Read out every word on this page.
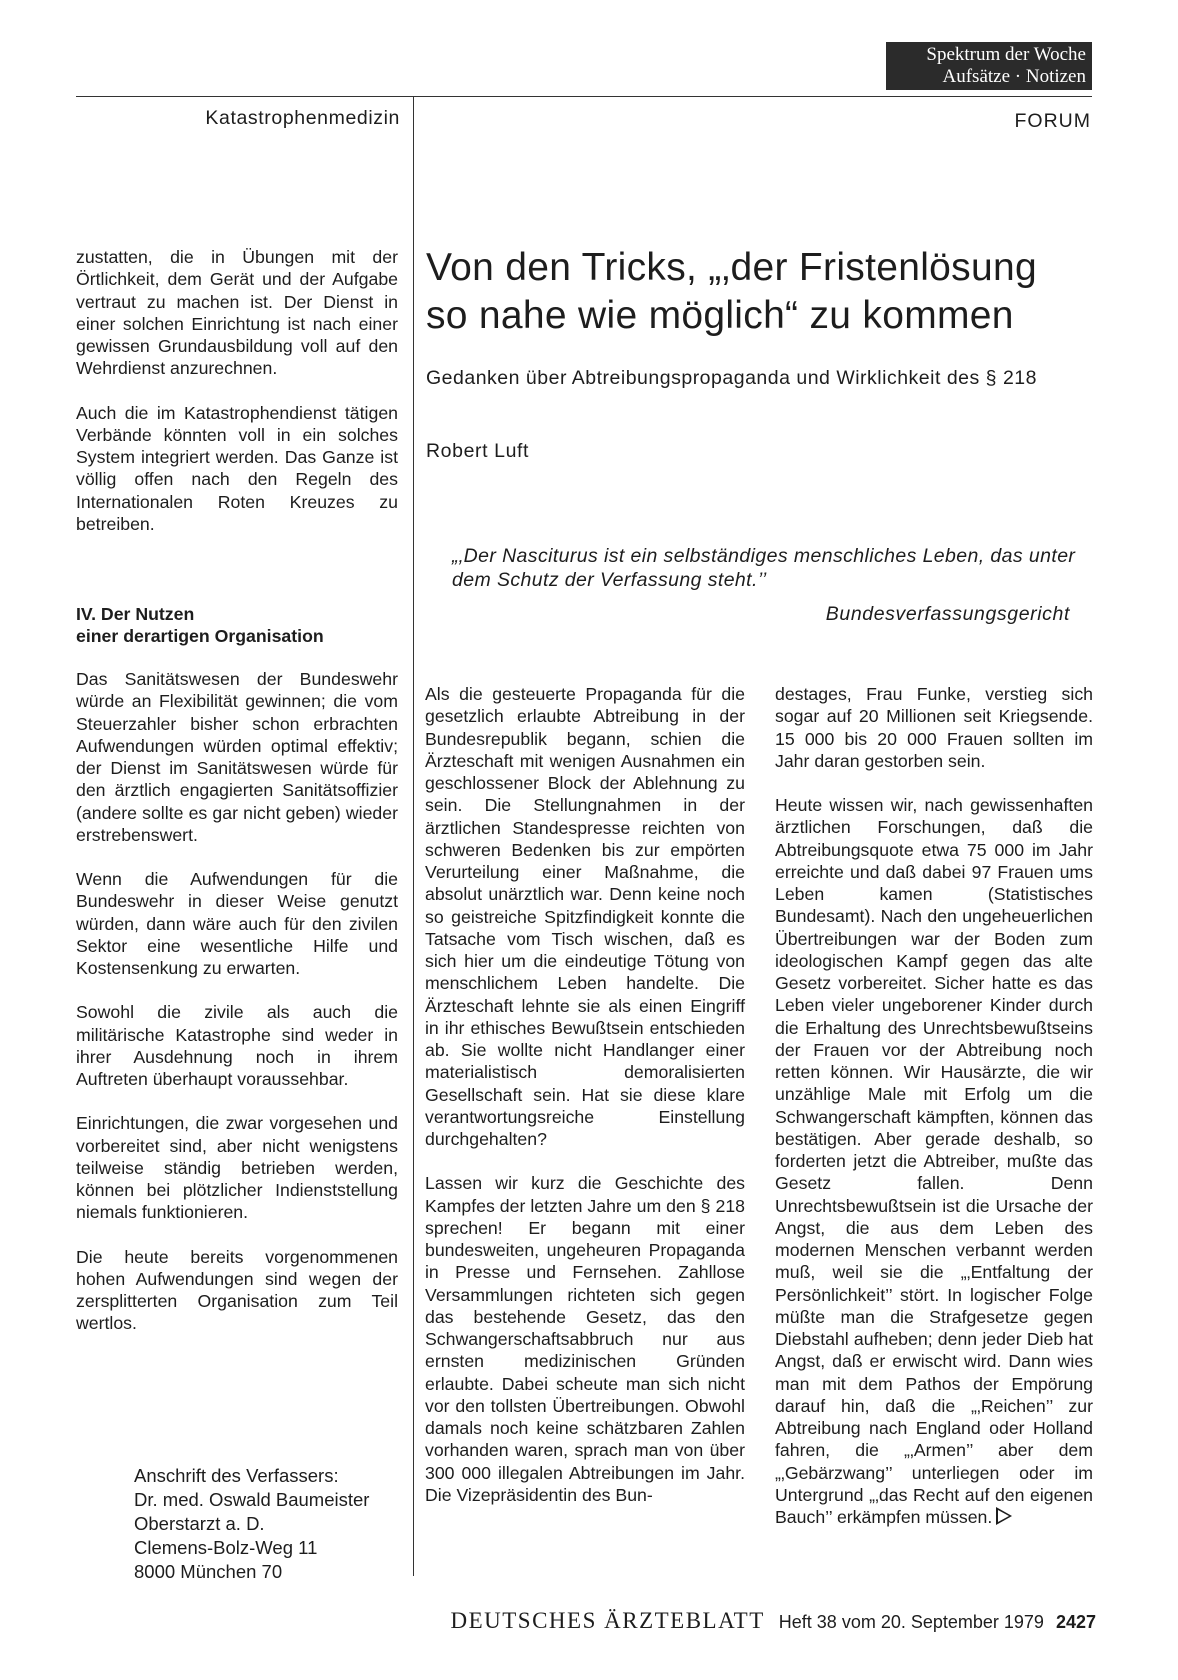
Spektrum der Woche
Aufsätze · Notizen
Katastrophenmedizin	FORUM

zustatten, die in Übungen mit der Örtlichkeit, dem Gerät und der Aufgabe vertraut zu machen ist. Der Dienst in einer solchen Einrichtung ist nach einer gewissen Grundausbildung voll auf den Wehrdienst anzurechnen.

Auch die im Katastrophendienst tätigen Verbände könnten voll in ein solches System integriert werden. Das Ganze ist völlig offen nach den Regeln des Internationalen Roten Kreuzes zu betreiben.

IV. Der Nutzen
einer derartigen Organisation

Das Sanitätswesen der Bundeswehr würde an Flexibilität gewinnen; die vom Steuerzahler bisher schon erbrachten Aufwendungen würden optimal effektiv; der Dienst im Sanitätswesen würde für den ärztlich engagierten Sanitätsoffizier (andere sollte es gar nicht geben) wieder erstrebenswert.

Wenn die Aufwendungen für die Bundeswehr in dieser Weise genutzt würden, dann wäre auch für den zivilen Sektor eine wesentliche Hilfe und Kostensenkung zu erwarten.

Sowohl die zivile als auch die militärische Katastrophe sind weder in ihrer Ausdehnung noch in ihrem Auftreten überhaupt voraussehbar.

Einrichtungen, die zwar vorgesehen und vorbereitet sind, aber nicht wenigstens teilweise ständig betrieben werden, können bei plötzlicher Indienststellung niemals funktionieren.

Die heute bereits vorgenommenen hohen Aufwendungen sind wegen der zersplitterten Organisation zum Teil wertlos.

Anschrift des Verfassers:
Dr. med. Oswald Baumeister
Oberstarzt a. D.
Clemens-Bolz-Weg 11
8000 München 70
Von den Tricks, „‚der Fristenlösung
so nahe wie möglich“ zu kommen
Gedanken über Abtreibungspropaganda und Wirklichkeit des § 218
Robert Luft
„‚Der Nasciturus ist ein selbständiges menschliches Leben, das unter dem Schutz der Verfassung steht.’’
Bundesverfassungsgericht

Als die gesteuerte Propaganda für die gesetzlich erlaubte Abtreibung in der Bundesrepublik begann, schien die Ärzteschaft mit wenigen Ausnahmen ein geschlossener Block der Ablehnung zu sein. Die Stellungnahmen in der ärztlichen Standespresse reichten von schweren Bedenken bis zur empörten Verurteilung einer Maßnahme, die absolut unärztlich war. Denn keine noch so geistreiche Spitzfindigkeit konnte die Tatsache vom Tisch wischen, daß es sich hier um die eindeutige Tötung von menschlichem Leben handelte. Die Ärzteschaft lehnte sie als einen Eingriff in ihr ethisches Bewußtsein entschieden ab. Sie wollte nicht Handlanger einer materialistisch demoralisierten Gesellschaft sein. Hat sie diese klare verantwortungsreiche Einstellung durchgehalten?

Lassen wir kurz die Geschichte des Kampfes der letzten Jahre um den § 218 sprechen! Er begann mit einer bundesweiten, ungeheuren Propaganda in Presse und Fernsehen. Zahllose Versammlungen richteten sich gegen das bestehende Gesetz, das den Schwangerschaftsabbruch nur aus ernsten medizinischen Gründen erlaubte. Dabei scheute man sich nicht vor den tollsten Übertreibungen. Obwohl damals noch keine schätzbaren Zahlen vorhanden waren, sprach man von über 300 000 illegalen Abtreibungen im Jahr. Die Vizepräsidentin des Bun-

destages, Frau Funke, verstieg sich sogar auf 20 Millionen seit Kriegsende. 15 000 bis 20 000 Frauen sollten im Jahr daran gestorben sein.

Heute wissen wir, nach gewissenhaften ärztlichen Forschungen, daß die Abtreibungsquote etwa 75 000 im Jahr erreichte und daß dabei 97 Frauen ums Leben kamen (Statistisches Bundesamt). Nach den ungeheuerlichen Übertreibungen war der Boden zum ideologischen Kampf gegen das alte Gesetz vorbereitet. Sicher hatte es das Leben vieler ungeborener Kinder durch die Erhaltung des Unrechtsbewußtseins der Frauen vor der Abtreibung noch retten können. Wir Hausärzte, die wir unzählige Male mit Erfolg um die Schwangerschaft kämpften, können das bestätigen. Aber gerade deshalb, so forderten jetzt die Abtreiber, mußte das Gesetz fallen. Denn Unrechtsbewußtsein ist die Ursache der Angst, die aus dem Leben des modernen Menschen verbannt werden muß, weil sie die „‚Entfaltung der Persönlichkeit’’ stört. In logischer Folge müßte man die Strafgesetze gegen Diebstahl aufheben; denn jeder Dieb hat Angst, daß er erwischt wird. Dann wies man mit dem Pathos der Empörung darauf hin, daß die „‚Reichen’’ zur Abtreibung nach England oder Holland fahren, die „‚Armen’’ aber dem „‚Gebärzwang’’ unterliegen oder im Untergrund „‚das Recht auf den eigenen Bauch’’ erkämpfen müssen.

DEUTSCHES ÄRZTEBLATT Heft 38 vom 20. September 1979 2427
